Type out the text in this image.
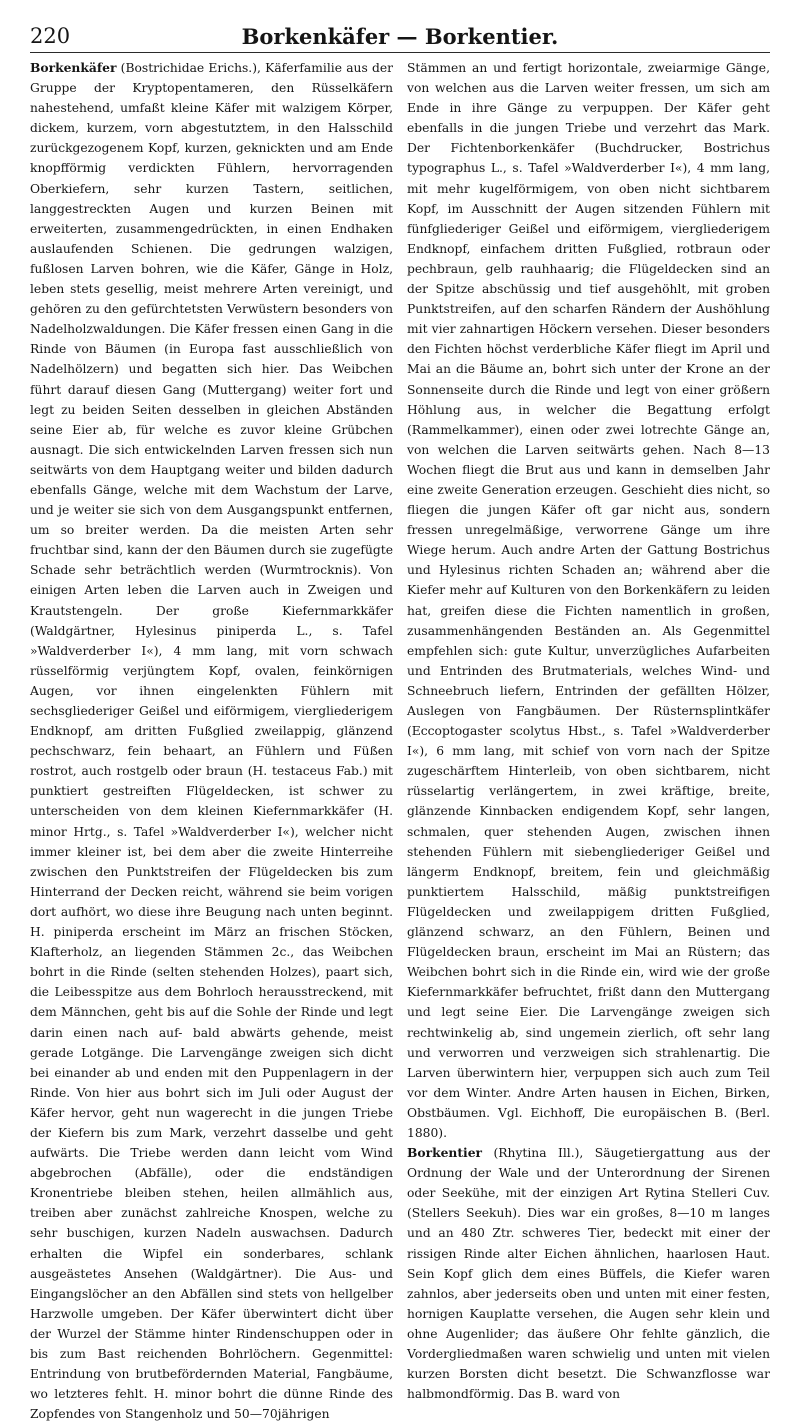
220	Borkenkäfer — Borkentier.

Borkenkäfer (Bostrichidae Erichs.), Käferfamilie aus der Gruppe der Kryptopentameren, den Rüsselkäfern nahestehend, umfaßt kleine Käfer mit walzigem Körper, dickem, kurzem, vorn abgestutztem, in den Halsschild zurückgezogenem Kopf, kurzen, geknickten und am Ende knopfförmig verdickten Fühlern, hervorragenden Oberkiefern, sehr kurzen Tastern, seitlichen, langgestreckten Augen und kurzen Beinen mit erweiterten, zusammengedrückten, in einen Endhaken auslaufenden Schienen. Die gedrungen walzigen, fußlosen Larven bohren, wie die Käfer, Gänge in Holz, leben stets gesellig, meist mehrere Arten vereinigt, und gehören zu den gefürchtetsten Verwüstern besonders von Nadelholzwaldungen. Die Käfer fressen einen Gang in die Rinde von Bäumen (in Europa fast ausschließlich von Nadelhölzern) und begatten sich hier. Das Weibchen führt darauf diesen Gang (Muttergang) weiter fort und legt zu beiden Seiten desselben in gleichen Abständen seine Eier ab, für welche es zuvor kleine Grübchen ausnagt. Die sich entwickelnden Larven fressen sich nun seitwärts von dem Hauptgang weiter und bilden dadurch ebenfalls Gänge, welche mit dem Wachstum der Larve, und je weiter sie sich von dem Ausgangspunkt entfernen, um so breiter werden. Da die meisten Arten sehr fruchtbar sind, kann der den Bäumen durch sie zugefügte Schade sehr beträchtlich werden (Wurmtrocknis). Von einigen Arten leben die Larven auch in Zweigen und Krautstengeln. Der große Kiefernmarkkäfer (Waldgärtner, Hylesinus piniperda L., s. Tafel »Waldverderber I«), 4 mm lang, mit vorn schwach rüsselförmig verjüngtem Kopf, ovalen, feinkörnigen Augen, vor ihnen eingelenkten Fühlern mit sechsgliederiger Geißel und eiförmigem, viergliederigem Endknopf, am dritten Fußglied zweilappig, glänzend pechschwarz, fein behaart, an Fühlern und Füßen rostrot, auch rostgelb oder braun (H. testaceus Fab.) mit punktiert gestreiften Flügeldecken, ist schwer zu unterscheiden von dem kleinen Kiefernmarkkäfer (H. minor Hrtg., s. Tafel »Waldverderber I«), welcher nicht immer kleiner ist, bei dem aber die zweite Hinterreihe zwischen den Punktstreifen der Flügeldecken bis zum Hinterrand der Decken reicht, während sie beim vorigen dort aufhört, wo diese ihre Beugung nach unten beginnt. H. piniperda erscheint im März an frischen Stöcken, Klafterholz, an liegenden Stämmen 2c., das Weibchen bohrt in die Rinde (selten stehenden Holzes), paart sich, die Leibesspitze aus dem Bohrloch herausstreckend, mit dem Männchen, geht bis auf die Sohle der Rinde und legt darin einen nach auf- bald abwärts gehende, meist gerade Lotgänge. Die Larvengänge zweigen sich dicht bei einander ab und enden mit den Puppenlagern in der Rinde. Von hier aus bohrt sich im Juli oder August der Käfer hervor, geht nun wagerecht in die jungen Triebe der Kiefern bis zum Mark, verzehrt dasselbe und geht aufwärts. Die Triebe werden dann leicht vom Wind abgebrochen (Abfälle), oder die endständigen Kronentriebe bleiben stehen, heilen allmählich aus, treiben aber zunächst zahlreiche Knospen, welche zu sehr buschigen, kurzen Nadeln auswachsen. Dadurch erhalten die Wipfel ein sonderbares, schlank ausgeästetes Ansehen (Waldgärtner). Die Aus- und Eingangslöcher an den Abfällen sind stets von hellgelber Harzwolle umgeben. Der Käfer überwintert dicht über der Wurzel der Stämme hinter Rindenschuppen oder in bis zum Bast reichenden Bohrlöchern. Gegenmittel: Entrindung von brutbefördernden Material, Fangbäume, wo letzteres fehlt. H. minor bohrt die dünne Rinde des Zopfendes von Stangenholz und 50—70jährigen

Stämmen an und fertigt horizontale, zweiarmige Gänge, von welchen aus die Larven weiter fressen, um sich am Ende in ihre Gänge zu verpuppen. Der Käfer geht ebenfalls in die jungen Triebe und verzehrt das Mark. Der Fichtenborkenkäfer (Buchdrucker, Bostrichus typographus L., s. Tafel »Waldverderber I«), 4 mm lang, mit mehr kugelförmigem, von oben nicht sichtbarem Kopf, im Ausschnitt der Augen sitzenden Fühlern mit fünfgliederiger Geißel und eiförmigem, viergliederigem Endknopf, einfachem dritten Fußglied, rotbraun oder pechbraun, gelb rauhhaarig; die Flügeldecken sind an der Spitze abschüssig und tief ausgehöhlt, mit groben Punktstreifen, auf den scharfen Rändern der Aushöhlung mit vier zahnartigen Höckern versehen. Dieser besonders den Fichten höchst verderbliche Käfer fliegt im April und Mai an die Bäume an, bohrt sich unter der Krone an der Sonnenseite durch die Rinde und legt von einer größern Höhlung aus, in welcher die Begattung erfolgt (Rammelkammer), einen oder zwei lotrechte Gänge an, von welchen die Larven seitwärts gehen. Nach 8—13 Wochen fliegt die Brut aus und kann in demselben Jahr eine zweite Generation erzeugen. Geschieht dies nicht, so fliegen die jungen Käfer oft gar nicht aus, sondern fressen unregelmäßige, verworrene Gänge um ihre Wiege herum. Auch andre Arten der Gattung Bostrichus und Hylesinus richten Schaden an; während aber die Kiefer mehr auf Kulturen von den Borkenkäfern zu leiden hat, greifen diese die Fichten namentlich in großen, zusammenhängenden Beständen an. Als Gegenmittel empfehlen sich: gute Kultur, unverzügliches Aufarbeiten und Entrinden des Brutmaterials, welches Wind- und Schneebruch liefern, Entrinden der gefällten Hölzer, Auslegen von Fangbäumen. Der Rüsternsplintkäfer (Eccoptogaster scolytus Hbst., s. Tafel »Waldverderber I«), 6 mm lang, mit schief von vorn nach der Spitze zugeschärftem Hinterleib, von oben sichtbarem, nicht rüsselartig verlängertem, in zwei kräftige, breite, glänzende Kinnbacken endigendem Kopf, sehr langen, schmalen, quer stehenden Augen, zwischen ihnen stehenden Fühlern mit siebengliederiger Geißel und längerm Endknopf, breitem, fein und gleichmäßig punktiertem Halsschild, mäßig punktstreifigen Flügeldecken und zweilappigem dritten Fußglied, glänzend schwarz, an den Fühlern, Beinen und Flügeldecken braun, erscheint im Mai an Rüstern; das Weibchen bohrt sich in die Rinde ein, wird wie der große Kiefernmarkkäfer befruchtet, frißt dann den Muttergang und legt seine Eier. Die Larvengänge zweigen sich rechtwinkelig ab, sind ungemein zierlich, oft sehr lang und verworren und verzweigen sich strahlenartig. Die Larven überwintern hier, verpuppen sich auch zum Teil vor dem Winter. Andre Arten hausen in Eichen, Birken, Obstbäumen. Vgl. Eichhoff, Die europäischen B. (Berl. 1880).

Borkentier (Rhytina Ill.), Säugetiergattung aus der Ordnung der Wale und der Unterordnung der Sirenen oder Seekühe, mit der einzigen Art Rytina Stelleri Cuv. (Stellers Seekuh). Dies war ein großes, 8—10 m langes und an 480 Ztr. schweres Tier, bedeckt mit einer der rissigen Rinde alter Eichen ähnlichen, haarlosen Haut. Sein Kopf glich dem eines Büffels, die Kiefer waren zahnlos, aber jederseits oben und unten mit einer festen, hornigen Kauplatte versehen, die Augen sehr klein und ohne Augenlider; das äußere Ohr fehlte gänzlich, die Vordergliedmaßen waren schwielig und unten mit vielen kurzen Borsten dicht besetzt. Die Schwanzflosse war halbmondförmig. Das B. ward von
